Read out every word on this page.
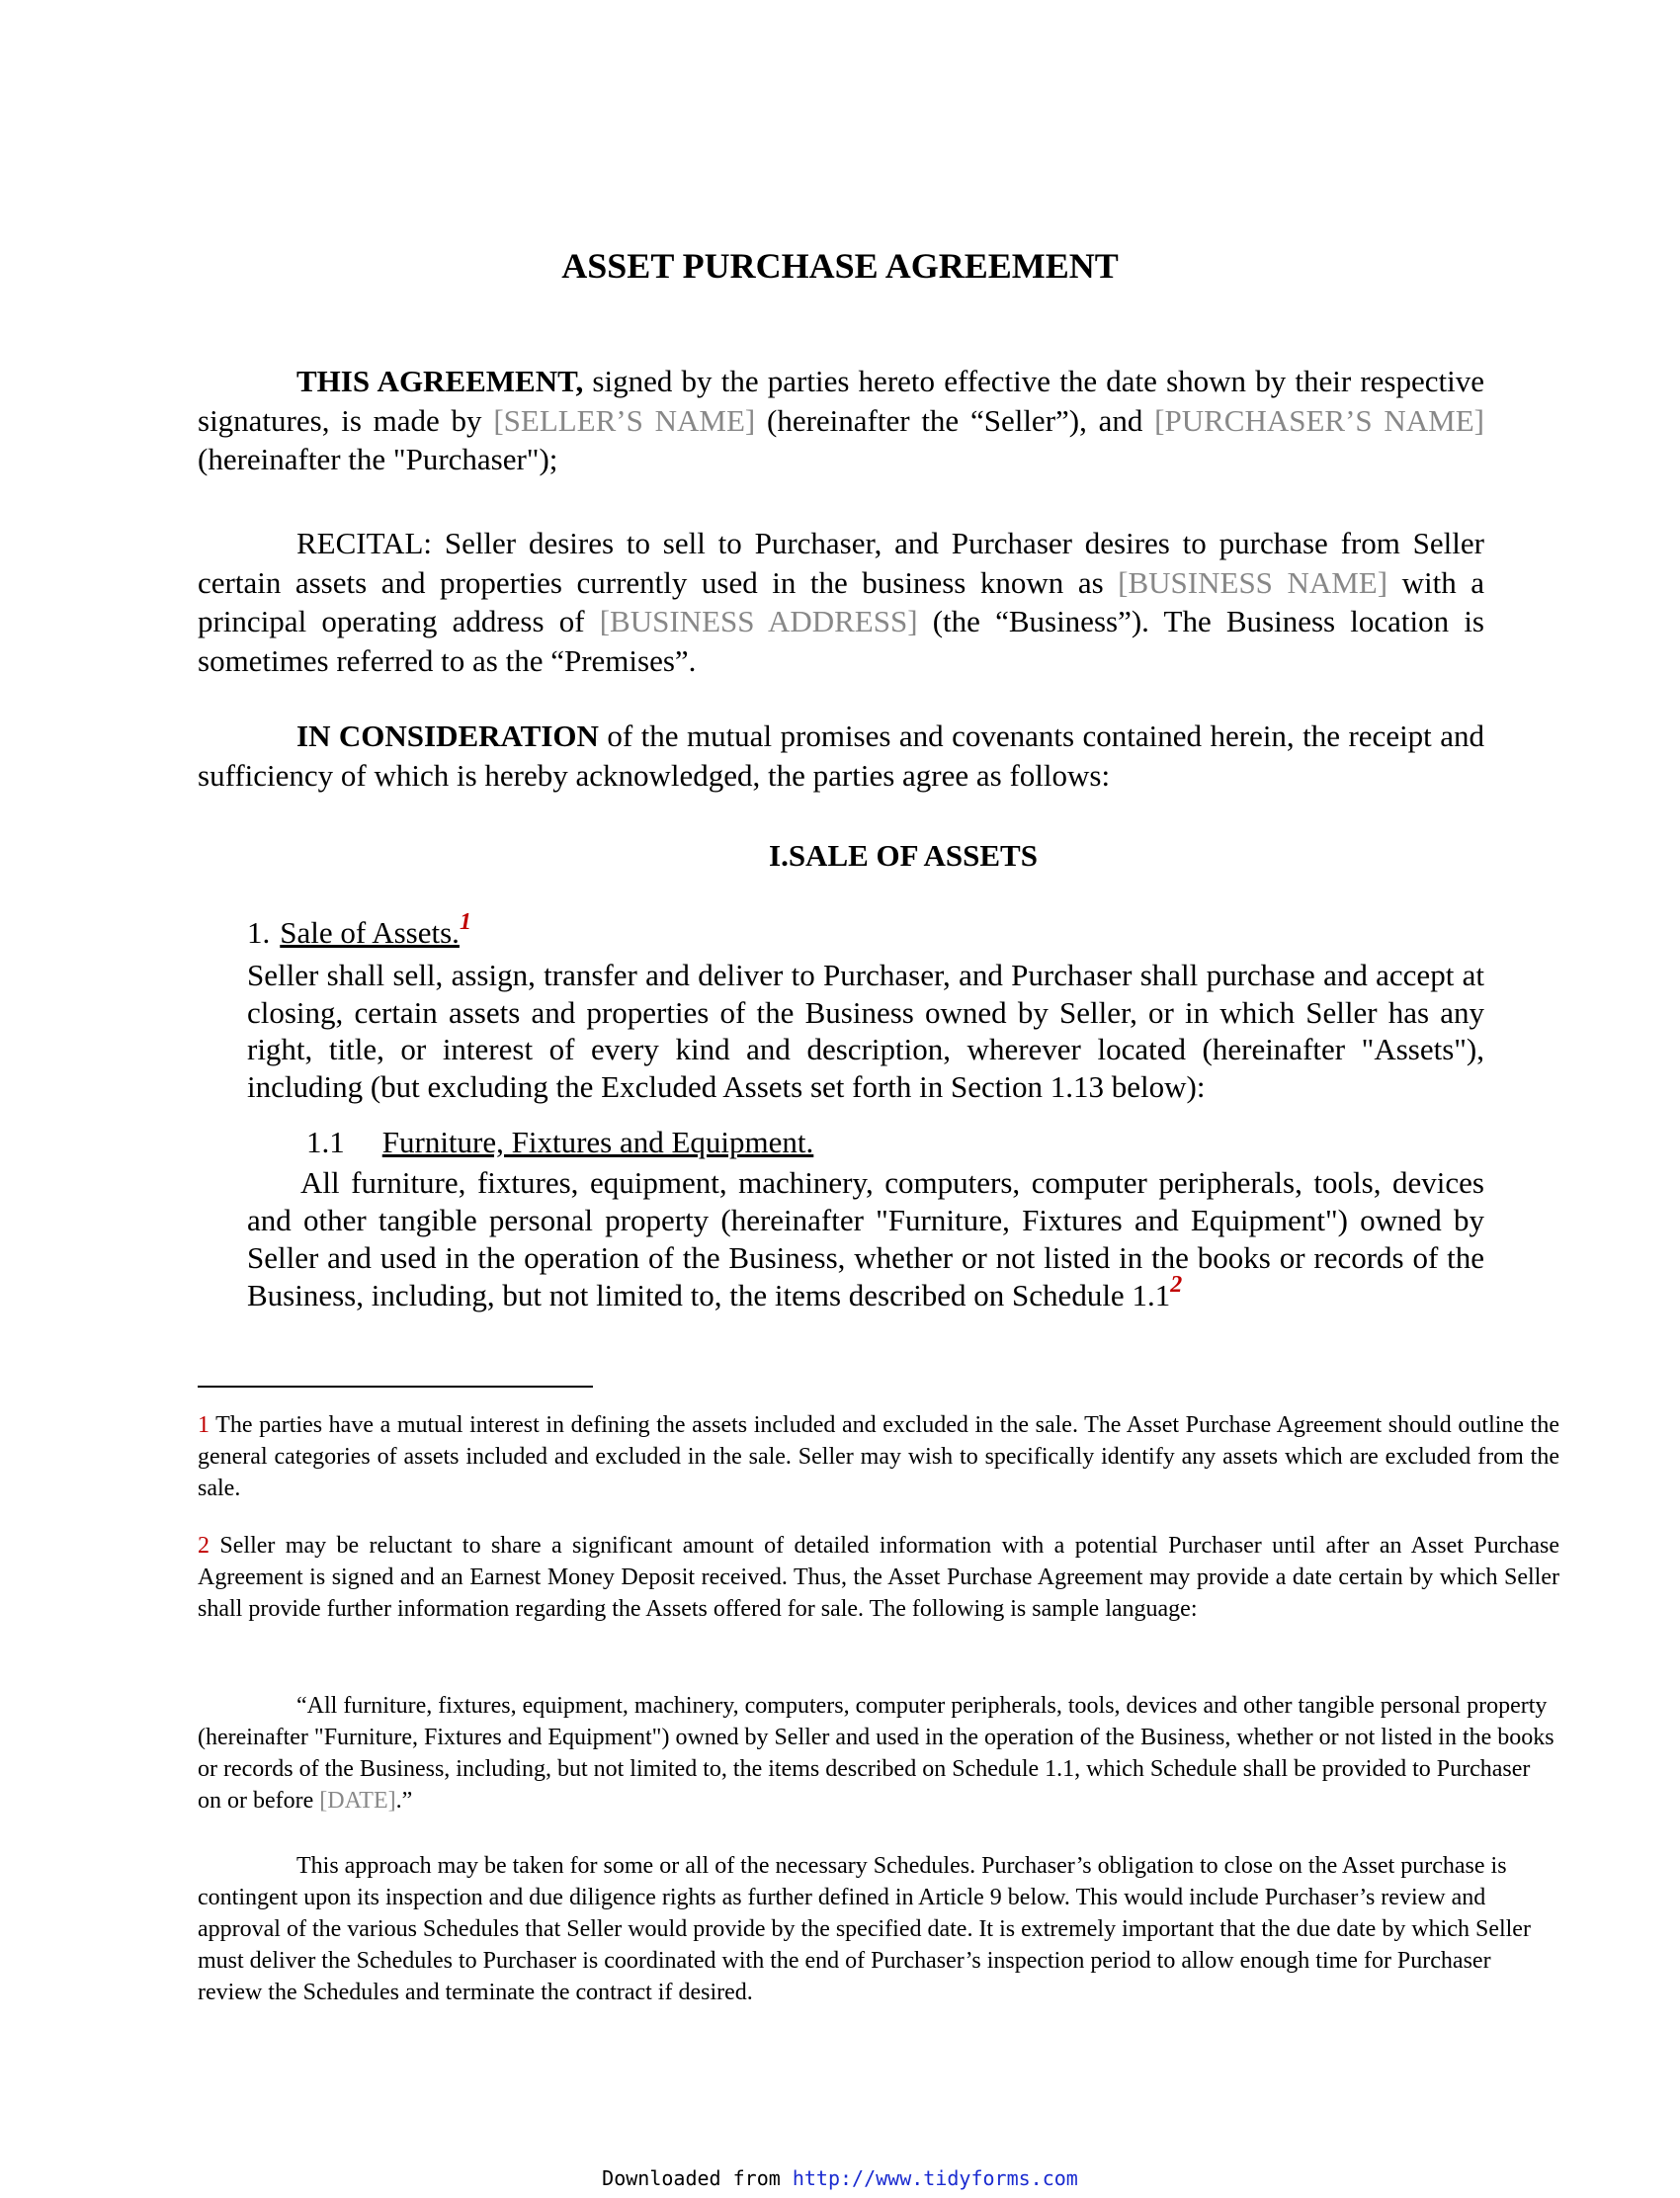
ASSET PURCHASE AGREEMENT

THIS AGREEMENT, signed by the parties hereto effective the date shown by their respective signatures, is made by [SELLER’S NAME] (hereinafter the “Seller”), and [PURCHASER’S NAME] (hereinafter the "Purchaser");

RECITAL: Seller desires to sell to Purchaser, and Purchaser desires to purchase from Seller certain assets and properties currently used in the business known as [BUSINESS NAME] with a principal operating address of [BUSINESS ADDRESS] (the “Business”). The Business location is sometimes referred to as the “Premises”.

IN CONSIDERATION of the mutual promises and covenants contained herein, the receipt and sufficiency of which is hereby acknowledged, the parties agree as follows:

I.SALE OF ASSETS

1. Sale of Assets.$^1$

Seller shall sell, assign, transfer and deliver to Purchaser, and Purchaser shall purchase and accept at closing, certain assets and properties of the Business owned by Seller, or in which Seller has any right, title, or interest of every kind and description, wherever located (hereinafter "Assets"), including (but excluding the Excluded Assets set forth in Section 1.13 below):

1.1 Furniture, Fixtures and Equipment.

All furniture, fixtures, equipment, machinery, computers, computer peripherals, tools, devices and other tangible personal property (hereinafter "Furniture, Fixtures and Equipment") owned by Seller and used in the operation of the Business, whether or not listed in the books or records of the Business, including, but not limited to, the items described on Schedule $1.1^2$

1 The parties have a mutual interest in defining the assets included and excluded in the sale. The Asset Purchase Agreement should outline the general categories of assets included and excluded in the sale. Seller may wish to specifically identify any assets which are excluded from the sale.

2 Seller may be reluctant to share a significant amount of detailed information with a potential Purchaser until after an Asset Purchase Agreement is signed and an Earnest Money Deposit received. Thus, the Asset Purchase Agreement may provide a date certain by which Seller shall provide further information regarding the Assets offered for sale. The following is sample language:

“All furniture, fixtures, equipment, machinery, computers, computer peripherals, tools, devices and other tangible personal property (hereinafter "Furniture, Fixtures and Equipment") owned by Seller and used in the operation of the Business, whether or not listed in the books or records of the Business, including, but not limited to, the items described on Schedule 1.1, which Schedule shall be provided to Purchaser on or before [DATE].”

This approach may be taken for some or all of the necessary Schedules. Purchaser’s obligation to close on the Asset purchase is contingent upon its inspection and due diligence rights as further defined in Article 9 below. This would include Purchaser’s review and approval of the various Schedules that Seller would provide by the specified date. It is extremely important that the due date by which Seller must deliver the Schedules to Purchaser is coordinated with the end of Purchaser’s inspection period to allow enough time for Purchaser review the Schedules and terminate the contract if desired.

Downloaded from http://www.tidyforms.com
